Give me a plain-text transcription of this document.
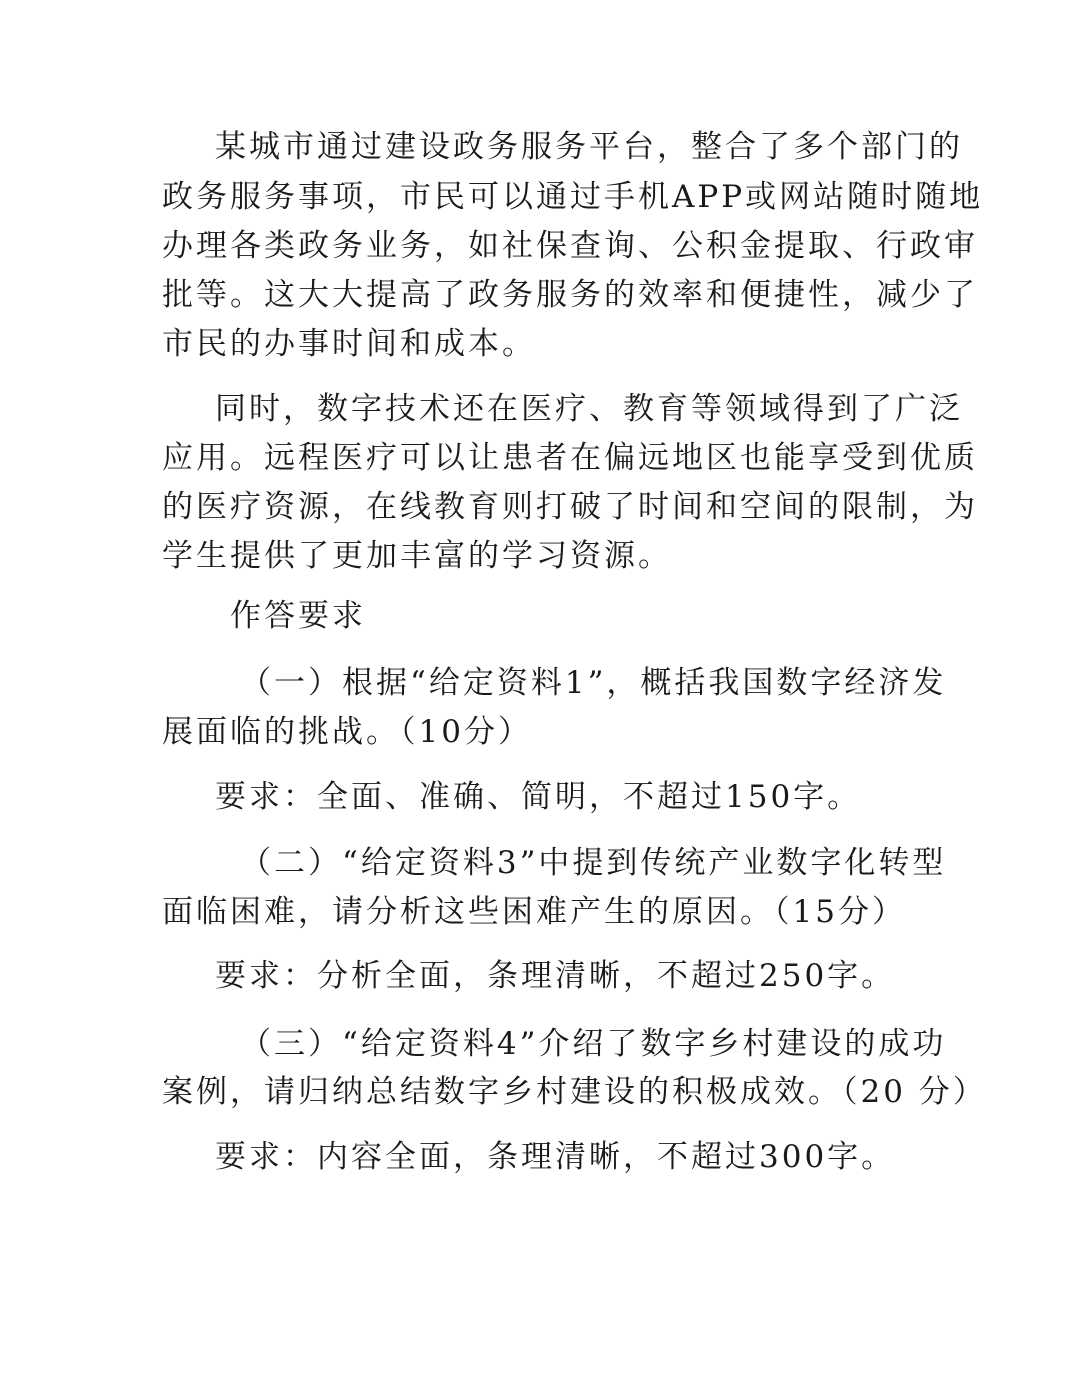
某城市通过建设政务服务平台，整合了多个部门的

政务服务事项，市民可以通过手机APP或网站随时随地

办理各类政务业务，如社保查询、公积金提取、行政审

批等。这大大提高了政务服务的效率和便捷性，减少了

市民的办事时间和成本。

同时，数字技术还在医疗、教育等领域得到了广泛

应用。远程医疗可以让患者在偏远地区也能享受到优质

的医疗资源，在线教育则打破了时间和空间的限制，为

学生提供了更加丰富的学习资源。

作答要求

（一）根据“给定资料1”，概括我国数字经济发

展面临的挑战。（10分）

要求：全面、准确、简明，不超过150字。

（二）“给定资料3”中提到传统产业数字化转型

面临困难，请分析这些困难产生的原因。（15分）

要求：分析全面，条理清晰，不超过250字。

（三）“给定资料4”介绍了数字乡村建设的成功

案例，请归纳总结数字乡村建设的积极成效。（20 分）

要求：内容全面，条理清晰，不超过300字。
